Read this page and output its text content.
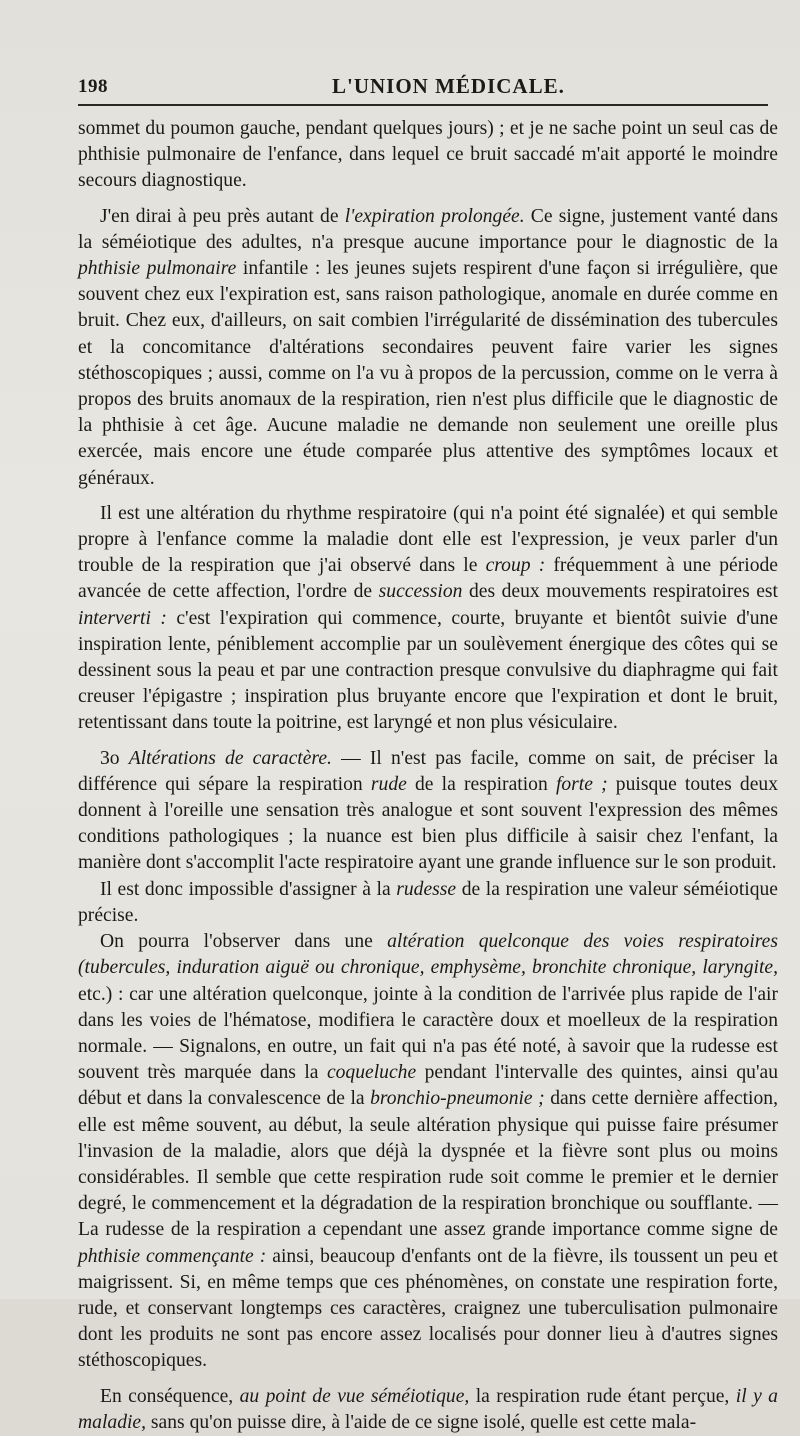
198	L'UNION MÉDICALE.

sommet du poumon gauche, pendant quelques jours) ; et je ne sache point un seul cas de phthisie pulmonaire de l'enfance, dans lequel ce bruit saccadé m'ait apporté le moindre secours diagnostique.

J'en dirai à peu près autant de l'expiration prolongée. Ce signe, justement vanté dans la séméiotique des adultes, n'a presque aucune importance pour le diagnostic de la phthisie pulmonaire infantile : les jeunes sujets respirent d'une façon si irrégulière, que souvent chez eux l'expiration est, sans raison pathologique, anomale en durée comme en bruit. Chez eux, d'ailleurs, on sait combien l'irrégularité de dissémination des tubercules et la concomitance d'altérations secondaires peuvent faire varier les signes stéthoscopiques ; aussi, comme on l'a vu à propos de la percussion, comme on le verra à propos des bruits anomaux de la respiration, rien n'est plus difficile que le diagnostic de la phthisie à cet âge. Aucune maladie ne demande non seulement une oreille plus exercée, mais encore une étude comparée plus attentive des symptômes locaux et généraux.

Il est une altération du rhythme respiratoire (qui n'a point été signalée) et qui semble propre à l'enfance comme la maladie dont elle est l'expression, je veux parler d'un trouble de la respiration que j'ai observé dans le croup : fréquemment à une période avancée de cette affection, l'ordre de succession des deux mouvements respiratoires est interverti : c'est l'expiration qui commence, courte, bruyante et bientôt suivie d'une inspiration lente, péniblement accomplie par un soulèvement énergique des côtes qui se dessinent sous la peau et par une contraction presque convulsive du diaphragme qui fait creuser l'épigastre ; inspiration plus bruyante encore que l'expiration et dont le bruit, retentissant dans toute la poitrine, est laryngé et non plus vésiculaire.

3o Altérations de caractère. — Il n'est pas facile, comme on sait, de préciser la différence qui sépare la respiration rude de la respiration forte ; puisque toutes deux donnent à l'oreille une sensation très analogue et sont souvent l'expression des mêmes conditions pathologiques ; la nuance est bien plus difficile à saisir chez l'enfant, la manière dont s'accomplit l'acte respiratoire ayant une grande influence sur le son produit.

Il est donc impossible d'assigner à la rudesse de la respiration une valeur séméiotique précise.

On pourra l'observer dans une altération quelconque des voies respiratoires (tubercules, induration aiguë ou chronique, emphysème, bronchite chronique, laryngite, etc.) : car une altération quelconque, jointe à la condition de l'arrivée plus rapide de l'air dans les voies de l'hématose, modifiera le caractère doux et moelleux de la respiration normale. — Signalons, en outre, un fait qui n'a pas été noté, à savoir que la rudesse est souvent très marquée dans la coqueluche pendant l'intervalle des quintes, ainsi qu'au début et dans la convalescence de la bronchio-pneumonie ; dans cette dernière affection, elle est même souvent, au début, la seule altération physique qui puisse faire présumer l'invasion de la maladie, alors que déjà la dyspnée et la fièvre sont plus ou moins considérables. Il semble que cette respiration rude soit comme le premier et le dernier degré, le commencement et la dégradation de la respiration bronchique ou soufflante. — La rudesse de la respiration a cependant une assez grande importance comme signe de phthisie commençante : ainsi, beaucoup d'enfants ont de la fièvre, ils toussent un peu et maigrissent. Si, en même temps que ces phénomènes, on constate une respiration forte, rude, et conservant longtemps ces caractères, craignez une tuberculisation pulmonaire dont les produits ne sont pas encore assez localisés pour donner lieu à d'autres signes stéthoscopiques.

En conséquence, au point de vue séméiotique, la respiration rude étant perçue, il y a maladie, sans qu'on puisse dire, à l'aide de ce signe isolé, quelle est cette mala-
